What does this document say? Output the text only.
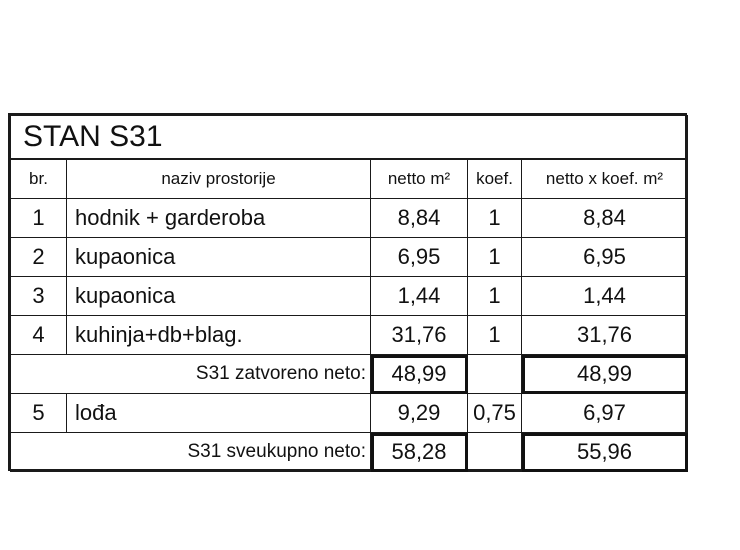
STAN S31				
br.	naziv prostorije	netto m²	koef.	netto x koef. m²
1	hodnik + garderoba	8,84	1	8,84
2	kupaonica	6,95	1	6,95
3	kupaonica	1,44	1	1,44
4	kuhinja+db+blag.	31,76	1	31,76
S31 zatvoreno neto:		48,99		48,99
5	lođa	9,29	0,75	6,97
S31 sveukupno neto:		58,28		55,96
